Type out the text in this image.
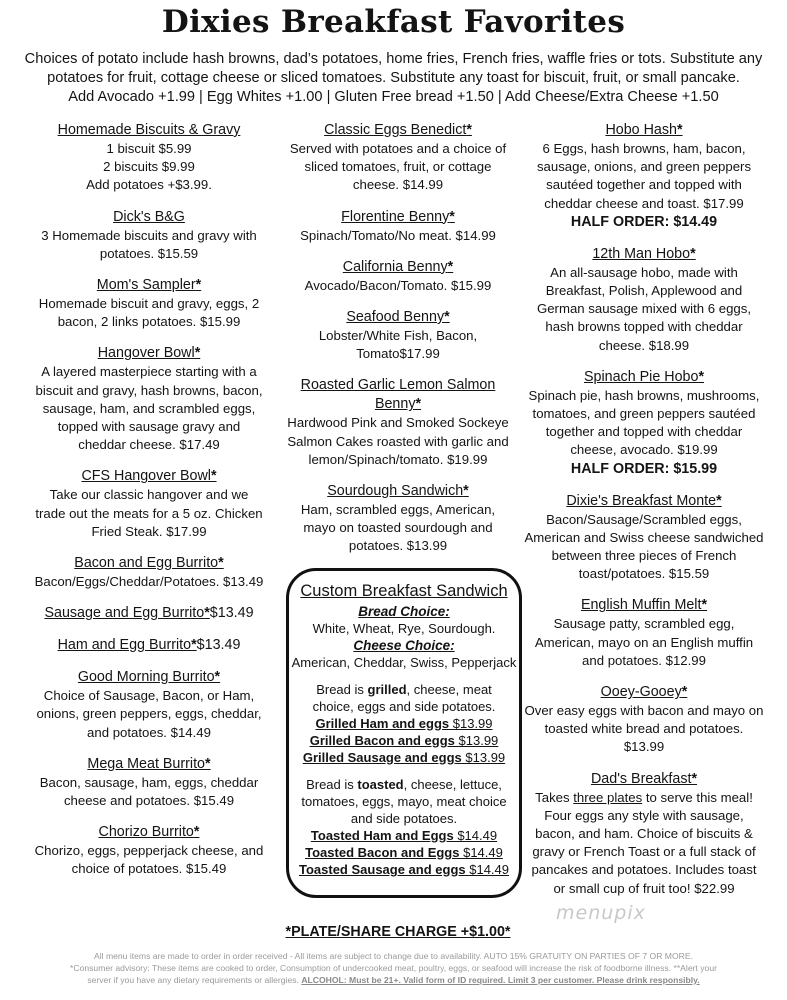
Dixies Breakfast Favorites
Choices of potato include hash browns, dad’s potatoes, home fries, French fries, waffle fries or tots. Substitute any
potatoes for fruit, cottage cheese or sliced tomatoes. Substitute any toast for biscuit, fruit, or small pancake.
Add Avocado +1.99 | Egg Whites +1.00 | Gluten Free bread +1.50 | Add Cheese/Extra Cheese +1.50
Homemade Biscuits & Gravy
1 biscuit $5.99
2 biscuits $9.99
Add potatoes +$3.99.
Dick's B&G
3 Homemade biscuits and gravy with potatoes. $15.59
Mom's Sampler*
Homemade biscuit and gravy, eggs, 2 bacon, 2 links potatoes. $15.99
Hangover Bowl*
A layered masterpiece starting with a biscuit and gravy, hash browns, bacon, sausage, ham, and scrambled eggs, topped with sausage gravy and cheddar cheese. $17.49
CFS Hangover Bowl*
Take our classic hangover and we trade out the meats for a 5 oz. Chicken Fried Steak. $17.99
Bacon and Egg Burrito*
Bacon/Eggs/Cheddar/Potatoes. $13.49
Sausage and Egg Burrito*$13.49
Ham and Egg Burrito*$13.49
Good Morning Burrito*
Choice of Sausage, Bacon, or Ham, onions, green peppers, eggs, cheddar, and potatoes. $14.49
Mega Meat Burrito*
Bacon, sausage, ham, eggs, cheddar cheese and potatoes. $15.49
Chorizo Burrito*
Chorizo, eggs, pepperjack cheese, and choice of potatoes. $15.49
Classic Eggs Benedict*
Served with potatoes and a choice of sliced tomatoes, fruit, or cottage cheese. $14.99
Florentine Benny*
Spinach/Tomato/No meat. $14.99
California Benny*
Avocado/Bacon/Tomato. $15.99
Seafood Benny*
Lobster/White Fish, Bacon, Tomato$17.99
Roasted Garlic Lemon Salmon Benny*
Hardwood Pink and Smoked Sockeye Salmon Cakes roasted with garlic and lemon/Spinach/tomato. $19.99
Sourdough Sandwich*
Ham, scrambled eggs, American, mayo on toasted sourdough and potatoes. $13.99
Custom Breakfast Sandwich
Bread Choice:
White, Wheat, Rye, Sourdough.
Cheese Choice:
American, Cheddar, Swiss, Pepperjack
Bread is grilled, cheese, meat choice, eggs and side potatoes.
Grilled Ham and eggs $13.99
Grilled Bacon and eggs $13.99
Grilled Sausage and eggs $13.99
Bread is toasted, cheese, lettuce, tomatoes, eggs, mayo, meat choice and side potatoes.
Toasted Ham and Eggs $14.49
Toasted Bacon and Eggs $14.49
Toasted Sausage and eggs $14.49
Hobo Hash*
6 Eggs, hash browns, ham, bacon, sausage, onions, and green peppers sautéed together and topped with cheddar cheese and toast. $17.99
HALF ORDER: $14.49
12th Man Hobo*
An all-sausage hobo, made with Breakfast, Polish, Applewood and German sausage mixed with 6 eggs, hash browns topped with cheddar cheese. $18.99
Spinach Pie Hobo*
Spinach pie, hash browns, mushrooms, tomatoes, and green peppers sautéed together and topped with cheddar cheese, avocado. $19.99
HALF ORDER: $15.99
Dixie's Breakfast Monte*
Bacon/Sausage/Scrambled eggs, American and Swiss cheese sandwiched between three pieces of French toast/potatoes. $15.59
English Muffin Melt*
Sausage patty, scrambled egg, American, mayo on an English muffin and potatoes. $12.99
Ooey-Gooey*
Over easy eggs with bacon and mayo on toasted white bread and potatoes. $13.99
Dad's Breakfast*
Takes three plates to serve this meal! Four eggs any style with sausage, bacon, and ham. Choice of biscuits & gravy or French Toast or a full stack of pancakes and potatoes. Includes toast or small cup of fruit too! $22.99
menupix
*PLATE/SHARE CHARGE +$1.00*
All menu items are made to order in order received - All items are subject to change due to availability. AUTO 15% GRATUITY ON PARTIES OF 7 OR MORE.
*Consumer advisory: These items are cooked to order, Consumption of undercooked meat, poultry, eggs, or seafood will increase the risk of foodborne illness. **Alert your
server if you have any dietary requirements or allergies. ALCOHOL: Must be 21+. Valid form of ID required. Limit 3 per customer. Please drink responsibly.
